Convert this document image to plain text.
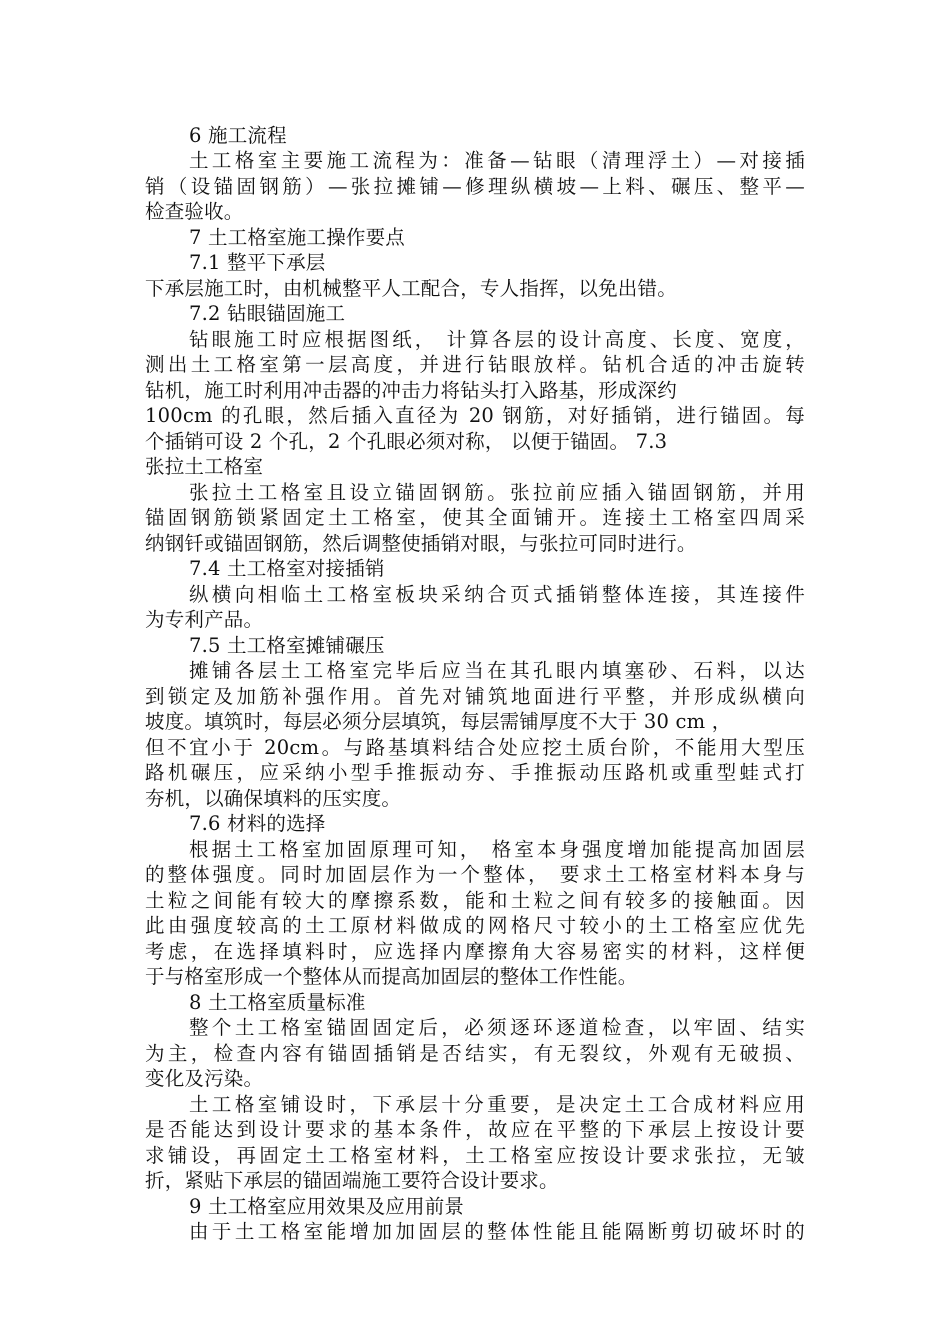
6 施工流程
土工格室主要施工流程为：准备—钻眼（清理浮土）—对接插
销（设锚固钢筋）—张拉摊铺—修理纵横坡—上料、碾压、整平—
检查验收。
7 土工格室施工操作要点
7.1 整平下承层
下承层施工时，由机械整平人工配合，专人指挥，以免出错。
7.2 钻眼锚固施工
钻眼施工时应根据图纸， 计算各层的设计高度、长度、宽度，
测出土工格室第一层高度，并进行钻眼放样。钻机合适的冲击旋转
钻机，施工时利用冲击器的冲击力将钻头打入路基，形成深约
100cm 的孔眼，然后插入直径为 20 钢筋，对好插销，进行锚固。每
个插销可设 2 个孔，2 个孔眼必须对称， 以便于锚固。 7.3
张拉土工格室
张拉土工格室且设立锚固钢筋。张拉前应插入锚固钢筋，并用
锚固钢筋锁紧固定土工格室，使其全面铺开。连接土工格室四周采
纳钢钎或锚固钢筋，然后调整使插销对眼，与张拉可同时进行。
7.4 土工格室对接插销
纵横向相临土工格室板块采纳合页式插销整体连接，其连接件
为专利产品。
7.5 土工格室摊铺碾压
摊铺各层土工格室完毕后应当在其孔眼内填塞砂、石料，以达
到锁定及加筋补强作用。首先对铺筑地面进行平整，并形成纵横向
坡度。填筑时，每层必须分层填筑，每层需铺厚度不大于 30 cm ，
但不宜小于 20cm。与路基填料结合处应挖土质台阶，不能用大型压
路机碾压，应采纳小型手推振动夯、手推振动压路机或重型蛙式打
夯机，以确保填料的压实度。
7.6 材料的选择
根据土工格室加固原理可知， 格室本身强度增加能提高加固层
的整体强度。同时加固层作为一个整体， 要求土工格室材料本身与
土粒之间能有较大的摩擦系数，能和土粒之间有较多的接触面。因
此由强度较高的土工原材料做成的网格尺寸较小的土工格室应优先
考虑，在选择填料时，应选择内摩擦角大容易密实的材料，这样便
于与格室形成一个整体从而提高加固层的整体工作性能。
8 土工格室质量标准
整个土工格室锚固固定后，必须逐环逐道检查，以牢固、结实
为主，检查内容有锚固插销是否结实，有无裂纹，外观有无破损、
变化及污染。
土工格室铺设时，下承层十分重要，是决定土工合成材料应用
是否能达到设计要求的基本条件，故应在平整的下承层上按设计要
求铺设，再固定土工格室材料，土工格室应按设计要求张拉，无皱
折，紧贴下承层的锚固端施工要符合设计要求。
9 土工格室应用效果及应用前景
由于土工格室能增加加固层的整体性能且能隔断剪切破坏时的
